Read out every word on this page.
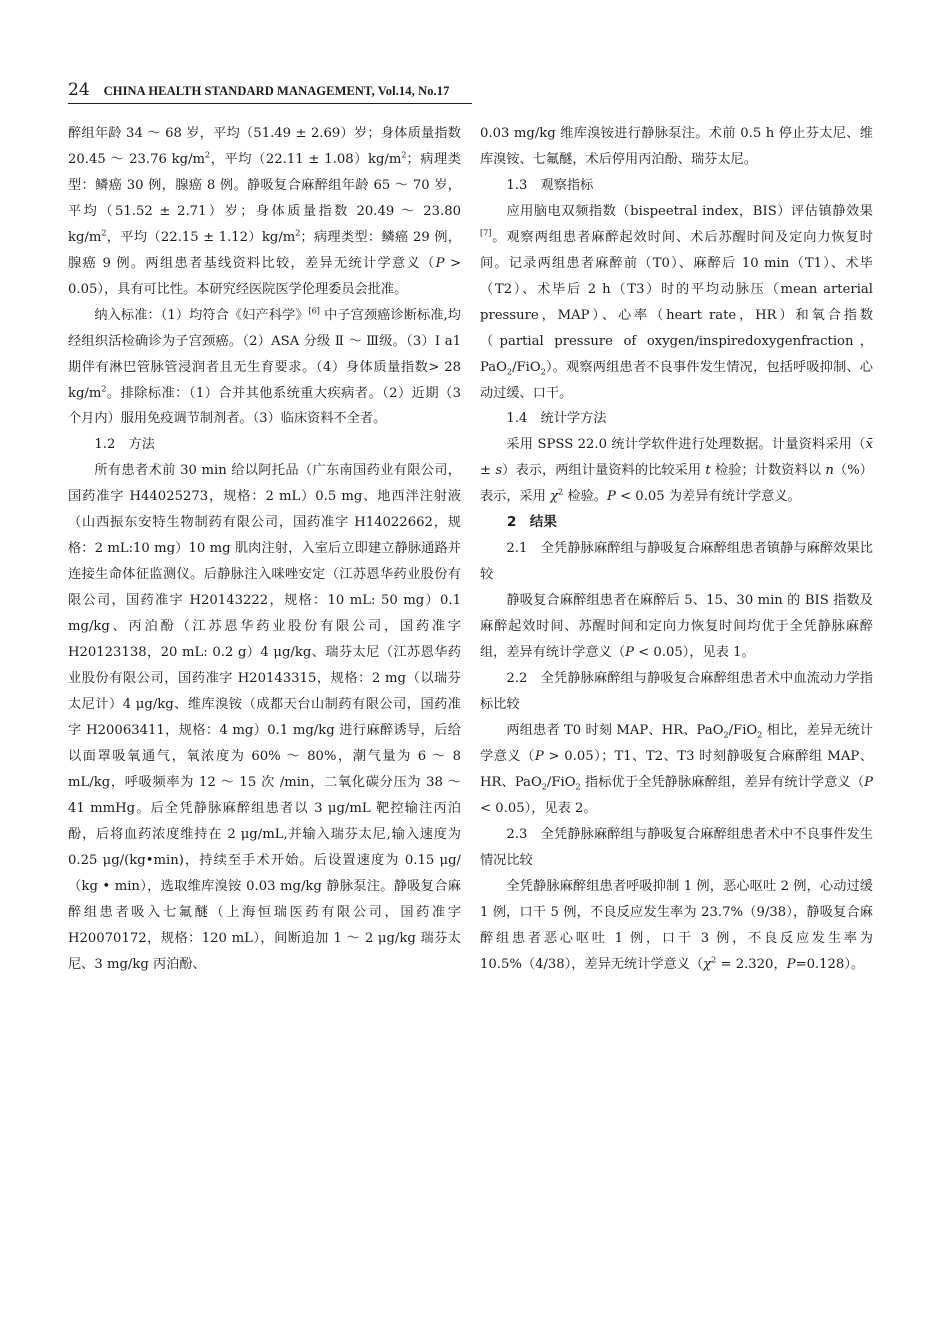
24 CHINA HEALTH STANDARD MANAGEMENT, Vol.14, No.17

醉组年龄 34 ～ 68 岁，平均（51.49 ± 2.69）岁；身体质量指数 20.45 ～ 23.76 $kg/m^2$，平均$(22.11 \pm 1.08)kg/m^2$；病理类型：鳞癌 30 例，腺癌 8 例。静吸复合麻醉组年龄 65 ～ 70 岁，平均（51.52 ± 2.71）岁；身体质量指数 20.49 ～ 23.80 $kg/m^2$，平均$(22.15 \pm 1.12)kg/m^2$；病理类型：鳞癌 29 例，腺癌 9 例。两组患者基线资料比较，差异无统计学意义（P > 0.05），具有可比性。本研究经医院医学伦理委员会批准。

纳入标准：（1）均符合《妇产科学》[6] 中子宫颈癌诊断标准,均经组织活检确诊为子宫颈癌。（2）ASA 分级 Ⅱ ～ Ⅲ级。（3）Ⅰ a1 期伴有淋巴管脉管浸润者且无生育要求。（4）身体质量指数> 28 $kg/m^2$。排除标准：（1）合并其他系统重大疾病者。（2）近期（3 个月内）服用免疫调节制剂者。（3）临床资料不全者。

1.2　方法

所有患者术前 30 min 给以阿托品（广东南国药业有限公司，国药准字 H44025273，规格：2 mL）0.5 mg、地西泮注射液（山西振东安特生物制药有限公司，国药准字 H14022662，规格：2 mL:10 mg）10 mg 肌肉注射，入室后立即建立静脉通路并连接生命体征监测仪。后静脉注入咪唑安定（江苏恩华药业股份有限公司，国药准字 H20143222，规格：10 mL: 50 mg）0.1 mg/kg、丙泊酚（江苏恩华药业股份有限公司，国药准字 H20123138，20 mL: 0.2 g）4 μg/kg、瑞芬太尼（江苏恩华药业股份有限公司，国药准字 H20143315，规格：2 mg（以瑞芬太尼计）4 μg/kg、维库溴铵（成都天台山制药有限公司，国药准字 H20063411，规格：4 mg）0.1 mg/kg 进行麻醉诱导，后给以面罩吸氧通气，氧浓度为 60% ～ 80%，潮气量为 6 ～ 8 mL/kg，呼吸频率为 12 ～ 15 次 /min，二氧化碳分压为 38 ～ 41 mmHg。后全凭静脉麻醉组患者以 3 μg/mL 靶控输注丙泊酚，后将血药浓度维持在 2 μg/mL,并输入瑞芬太尼,输入速度为 0.25 μg/(kg•min)，持续至手术开始。后设置速度为 0.15 μg/（kg • min），选取维库溴铵 0.03 mg/kg 静脉泵注。静吸复合麻醉组患者吸入七氟醚（上海恒瑞医药有限公司，国药准字 H20070172，规格：120 mL），间断追加 1 ～ 2 μg/kg 瑞芬太尼、3 mg/kg 丙泊酚、

0.03 mg/kg 维库溴铵进行静脉泵注。术前 0.5 h 停止芬太尼、维库溴铵、七氟醚，术后停用丙泊酚、瑞芬太尼。

1.3　观察指标

应用脑电双频指数（bispeetral index，BIS）评估镇静效果[7]。观察两组患者麻醉起效时间、术后苏醒时间及定向力恢复时间。记录两组患者麻醉前（T0）、麻醉后 10 min（T1）、术毕（T2）、术毕后 2 h（T3）时的平均动脉压（mean arterial pressure，MAP）、心率（heart rate，HR）和氧合指数（partial pressure of oxygen/inspiredoxygenfraction，PaO$_2$/FiO$_2$）。观察两组患者不良事件发生情况，包括呼吸抑制、心动过缓、口干。

1.4　统计学方法

采用 SPSS 22.0 统计学软件进行处理数据。计量资料采用（x̄ ± s）表示，两组计量资料的比较采用 t 检验；计数资料以 n（%）表示，采用 $\chi^2$ 检验。P < 0.05 为差异有统计学意义。

2　结果

2.1　全凭静脉麻醉组与静吸复合麻醉组患者镇静与麻醉效果比较

静吸复合麻醉组患者在麻醉后 5、15、30 min 的 BIS 指数及麻醉起效时间、苏醒时间和定向力恢复时间均优于全凭静脉麻醉组，差异有统计学意义（P < 0.05），见表 1。

2.2　全凭静脉麻醉组与静吸复合麻醉组患者术中血流动力学指标比较

两组患者 T0 时刻 MAP、HR、PaO$_2$/FiO$_2$ 相比，差异无统计学意义（P > 0.05）；T1、T2、T3 时刻静吸复合麻醉组 MAP、HR、PaO$_2$/FiO$_2$ 指标优于全凭静脉麻醉组，差异有统计学意义（P < 0.05），见表 2。

2.3　全凭静脉麻醉组与静吸复合麻醉组患者术中不良事件发生情况比较

全凭静脉麻醉组患者呼吸抑制 1 例，恶心呕吐 2 例，心动过缓 1 例，口干 5 例，不良反应发生率为 23.7%（9/38），静吸复合麻醉组患者恶心呕吐 1 例，口干 3 例，不良反应发生率为 10.5%（4/38），差异无统计学意义（$\chi^2 = 2.320$，P=0.128）。
